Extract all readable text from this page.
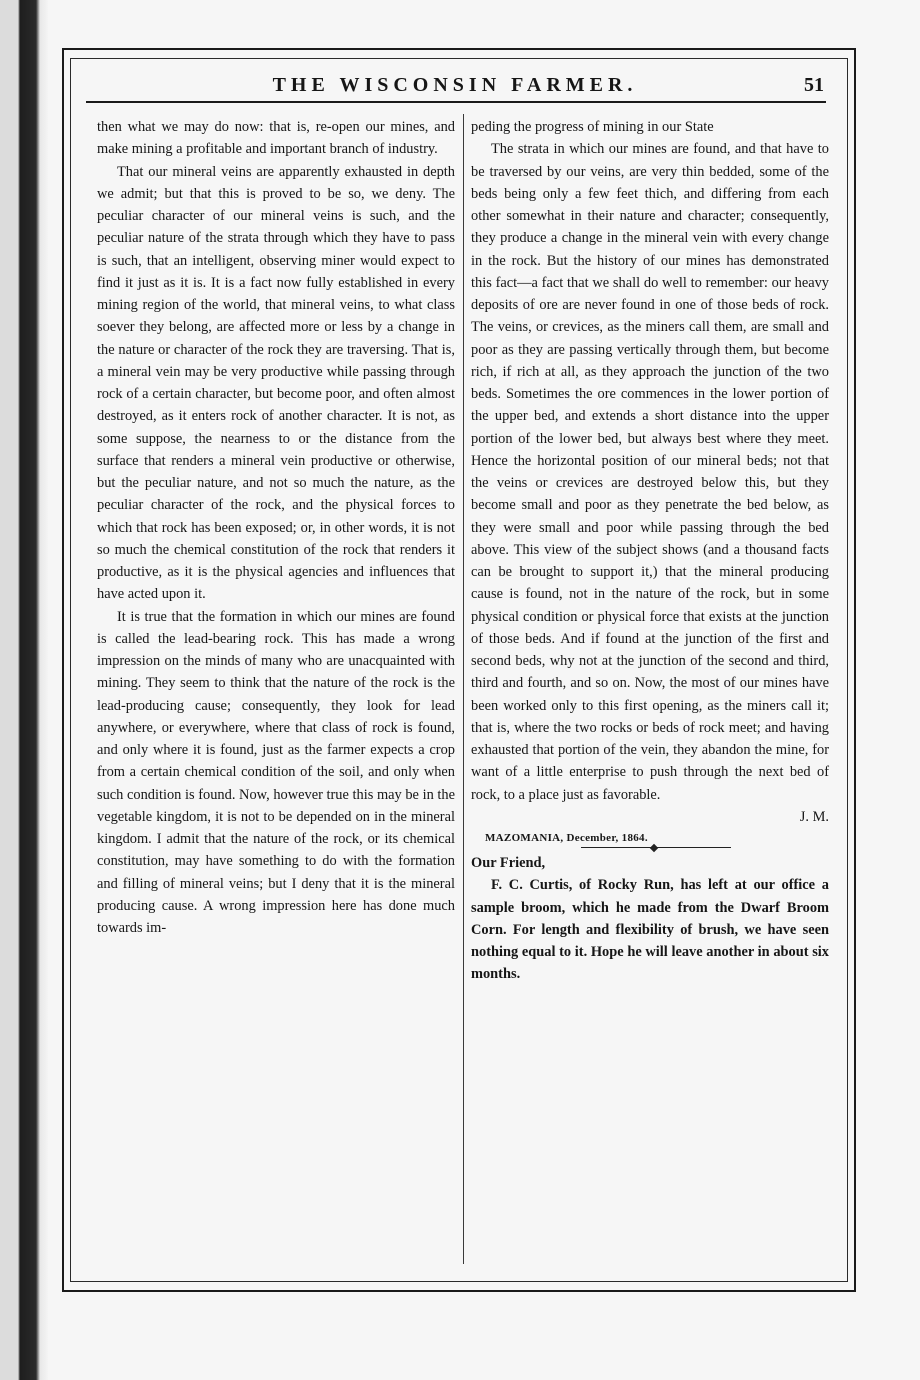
THE WISCONSIN FARMER.	51

then what we may do now: that is, re-open our mines, and make mining a profitable and important branch of industry.

That our mineral veins are apparently exhausted in depth we admit; but that this is proved to be so, we deny. The peculiar character of our mineral veins is such, and the peculiar nature of the strata through which they have to pass is such, that an intelligent, observing miner would expect to find it just as it is. It is a fact now fully established in every mining region of the world, that mineral veins, to what class soever they belong, are affected more or less by a change in the nature or character of the rock they are traversing. That is, a mineral vein may be very productive while passing through rock of a certain character, but become poor, and often almost destroyed, as it enters rock of another character. It is not, as some suppose, the nearness to or the distance from the surface that renders a mineral vein productive or otherwise, but the peculiar nature, and not so much the nature, as the peculiar character of the rock, and the physical forces to which that rock has been exposed; or, in other words, it is not so much the chemical constitution of the rock that renders it productive, as it is the physical agencies and influences that have acted upon it.

It is true that the formation in which our mines are found is called the lead-bearing rock. This has made a wrong impression on the minds of many who are unacquainted with mining. They seem to think that the nature of the rock is the lead-producing cause; consequently, they look for lead anywhere, or everywhere, where that class of rock is found, and only where it is found, just as the farmer expects a crop from a certain chemical condition of the soil, and only when such condition is found. Now, however true this may be in the vegetable kingdom, it is not to be depended on in the mineral kingdom. I admit that the nature of the rock, or its chemical constitution, may have something to do with the formation and filling of mineral veins; but I deny that it is the mineral producing cause. A wrong impression here has done much towards im-

peding the progress of mining in our State

The strata in which our mines are found, and that have to be traversed by our veins, are very thin bedded, some of the beds being only a few feet thich, and differing from each other somewhat in their nature and character; consequently, they produce a change in the mineral vein with every change in the rock. But the history of our mines has demonstrated this fact—a fact that we shall do well to remember: our heavy deposits of ore are never found in one of those beds of rock. The veins, or crevices, as the miners call them, are small and poor as they are passing vertically through them, but become rich, if rich at all, as they approach the junction of the two beds. Sometimes the ore commences in the lower portion of the upper bed, and extends a short distance into the upper portion of the lower bed, but always best where they meet. Hence the horizontal position of our mineral beds; not that the veins or crevices are destroyed below this, but they become small and poor as they penetrate the bed below, as they were small and poor while passing through the bed above. This view of the subject shows (and a thousand facts can be brought to support it,) that the mineral producing cause is found, not in the nature of the rock, but in some physical condition or physical force that exists at the junction of those beds. And if found at the junction of the first and second beds, why not at the junction of the second and third, third and fourth, and so on. Now, the most of our mines have been worked only to this first opening, as the miners call it; that is, where the two rocks or beds of rock meet; and having exhausted that portion of the vein, they abandon the mine, for want of a little enterprise to push through the next bed of rock, to a place just as favorable.

J. M.

MAZOMANIA, December, 1864.

Our Friend,

F. C. Curtis, of Rocky Run, has left at our office a sample broom, which he made from the Dwarf Broom Corn. For length and flexibility of brush, we have seen nothing equal to it. Hope he will leave another in about six months.
